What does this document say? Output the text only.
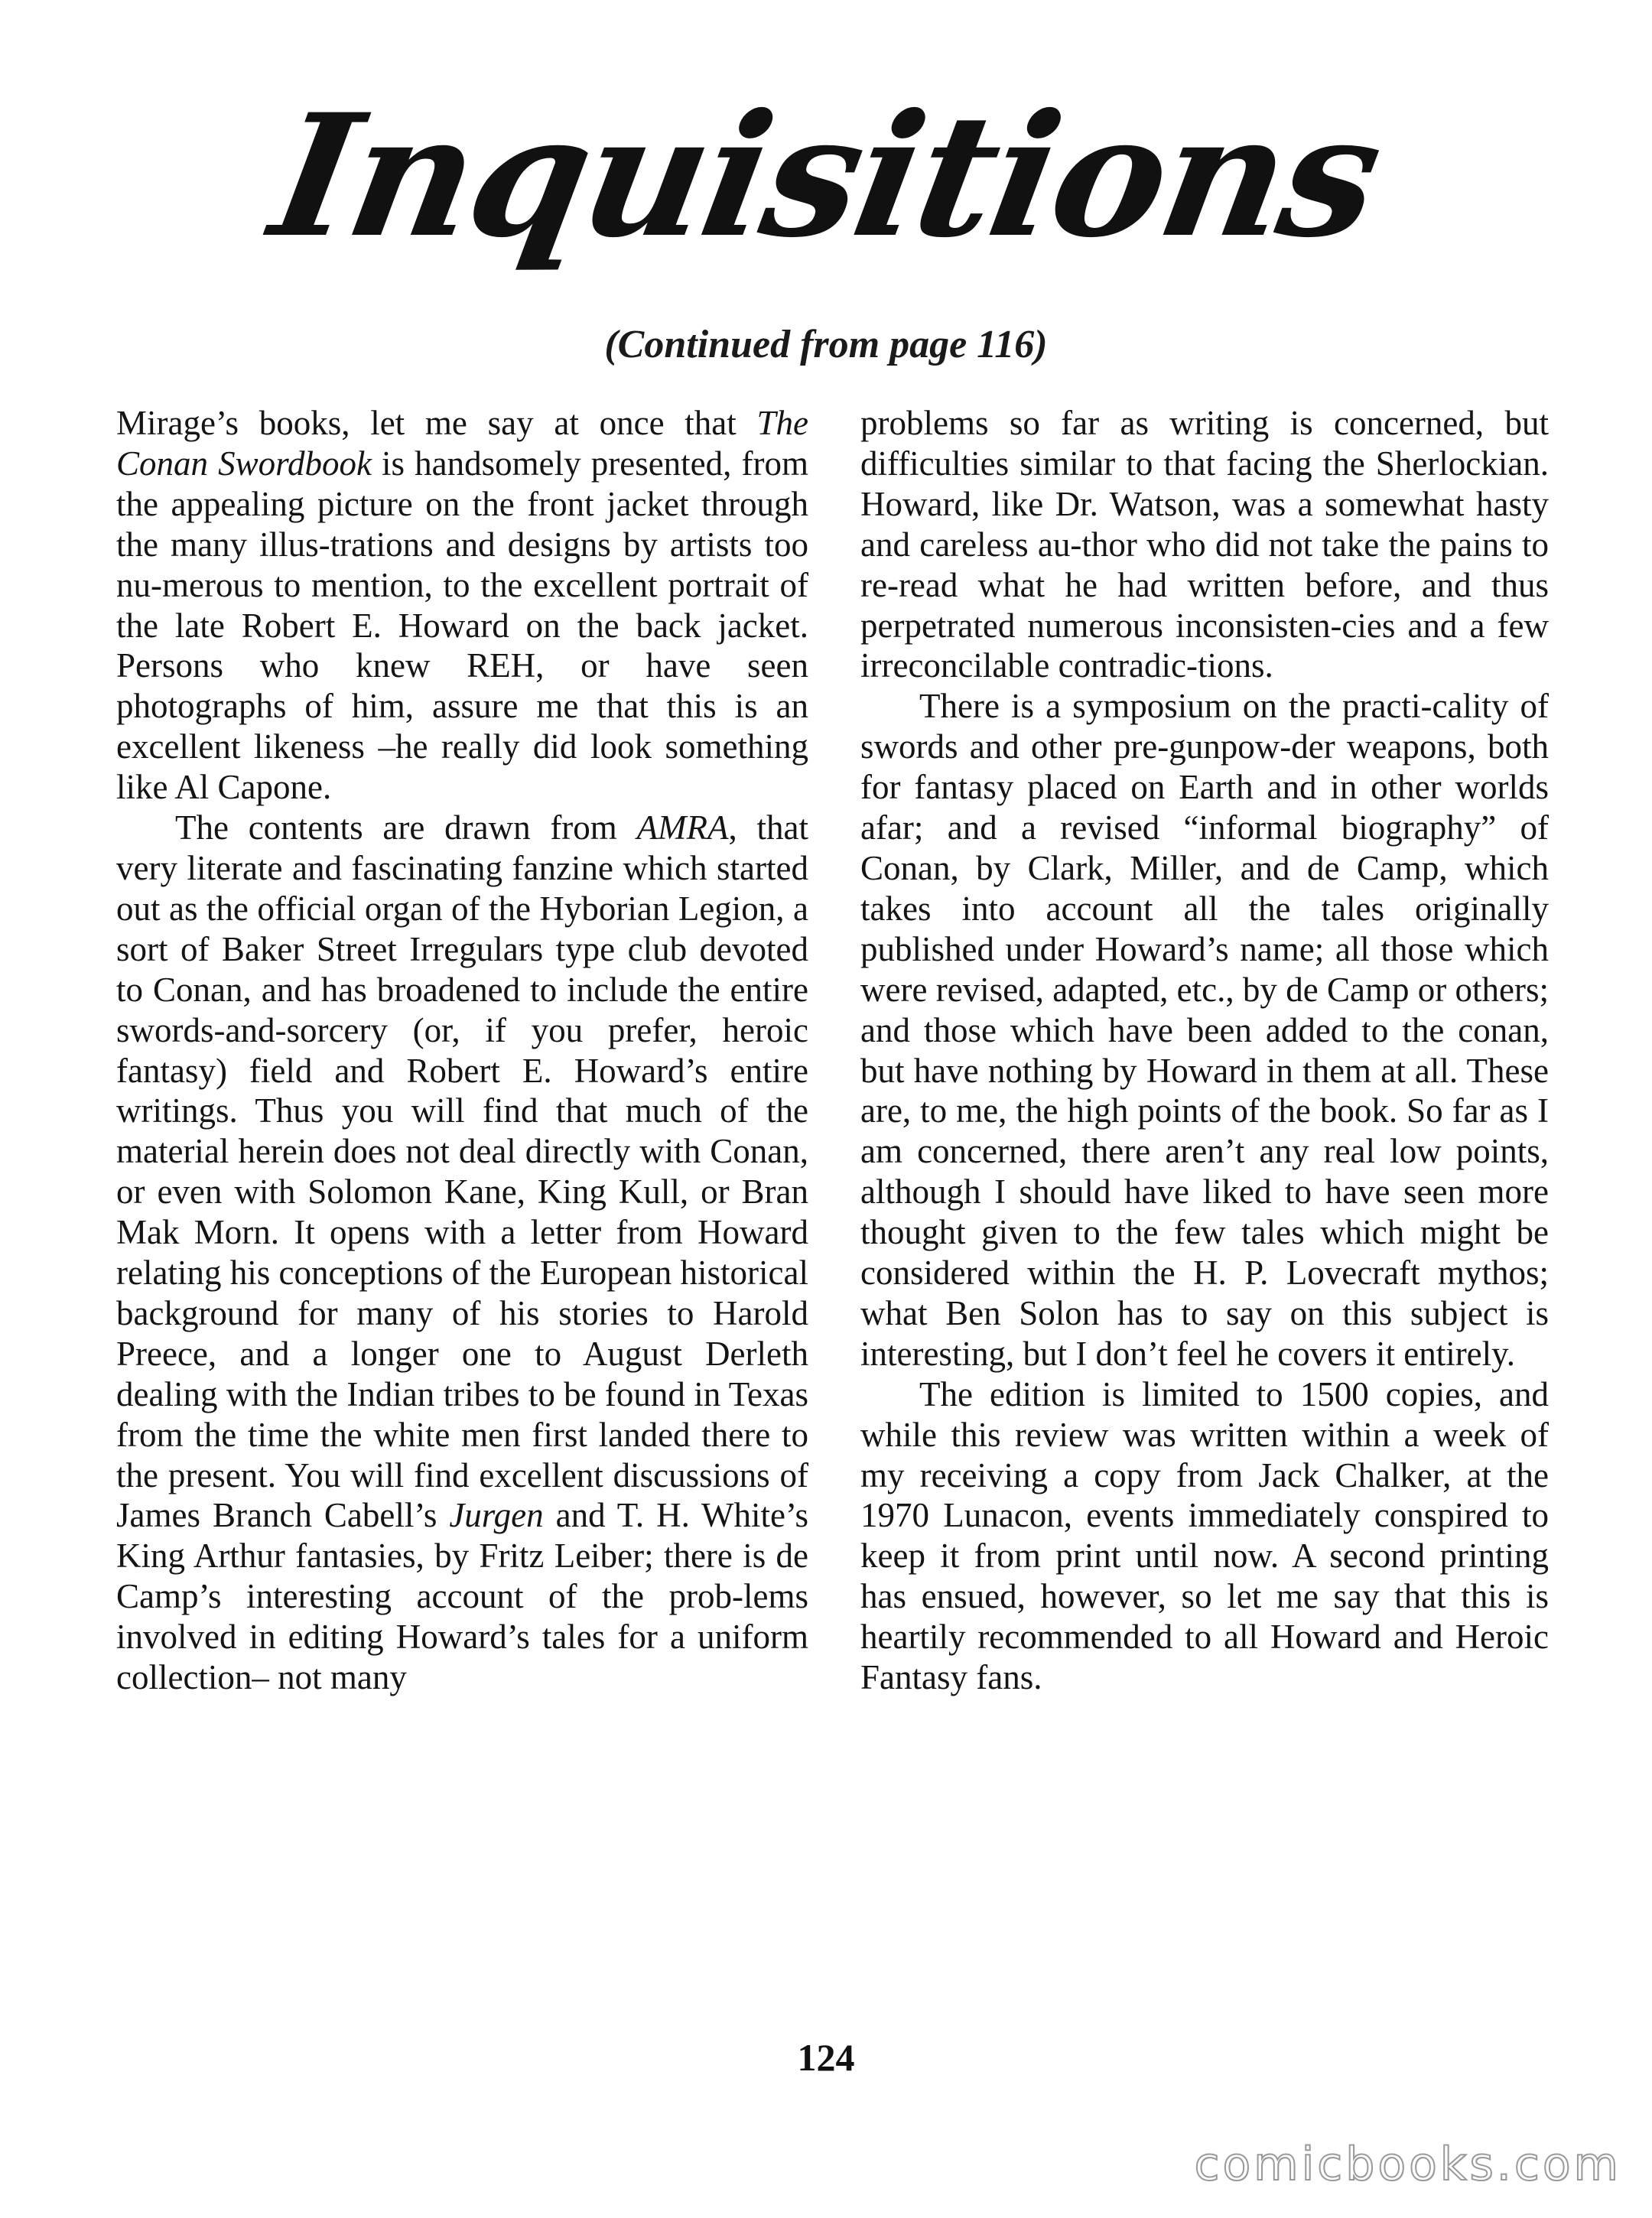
Inquisitions
(Continued from page 116)

Mirage’s books, let me say at once that The Conan Swordbook is handsomely presented, from the appealing picture on the front jacket through the many illus-trations and designs by artists too nu-merous to mention, to the excellent portrait of the late Robert E. Howard on the back jacket. Persons who knew REH, or have seen photographs of him, assure me that this is an excellent likeness –he really did look something like Al Capone.

The contents are drawn from AMRA, that very literate and fascinating fanzine which started out as the official organ of the Hyborian Legion, a sort of Baker Street Irregulars type club devoted to Conan, and has broadened to include the entire swords-and-sorcery (or, if you prefer, heroic fantasy) field and Robert E. Howard’s entire writings. Thus you will find that much of the material herein does not deal directly with Conan, or even with Solomon Kane, King Kull, or Bran Mak Morn. It opens with a letter from Howard relating his conceptions of the European historical background for many of his stories to Harold Preece, and a longer one to August Derleth dealing with the Indian tribes to be found in Texas from the time the white men first landed there to the present. You will find excellent discussions of James Branch Cabell’s Jurgen and T. H. White’s King Arthur fantasies, by Fritz Leiber; there is de Camp’s interesting account of the prob-lems involved in editing Howard’s tales for a uniform collection– not many

problems so far as writing is concerned, but difficulties similar to that facing the Sherlockian. Howard, like Dr. Watson, was a somewhat hasty and careless au-thor who did not take the pains to re-read what he had written before, and thus perpetrated numerous inconsisten-cies and a few irreconcilable contradic-tions.

There is a symposium on the practi-cality of swords and other pre-gunpow-der weapons, both for fantasy placed on Earth and in other worlds afar; and a revised “informal biography” of Conan, by Clark, Miller, and de Camp, which takes into account all the tales originally published under Howard’s name; all those which were revised, adapted, etc., by de Camp or others; and those which have been added to the conan, but have nothing by Howard in them at all. These are, to me, the high points of the book. So far as I am concerned, there aren’t any real low points, although I should have liked to have seen more thought given to the few tales which might be considered within the H. P. Lovecraft mythos; what Ben Solon has to say on this subject is interesting, but I don’t feel he covers it entirely.

The edition is limited to 1500 copies, and while this review was written within a week of my receiving a copy from Jack Chalker, at the 1970 Lunacon, events immediately conspired to keep it from print until now. A second printing has ensued, however, so let me say that this is heartily recommended to all Howard and Heroic Fantasy fans.

124
comicbooks.com
